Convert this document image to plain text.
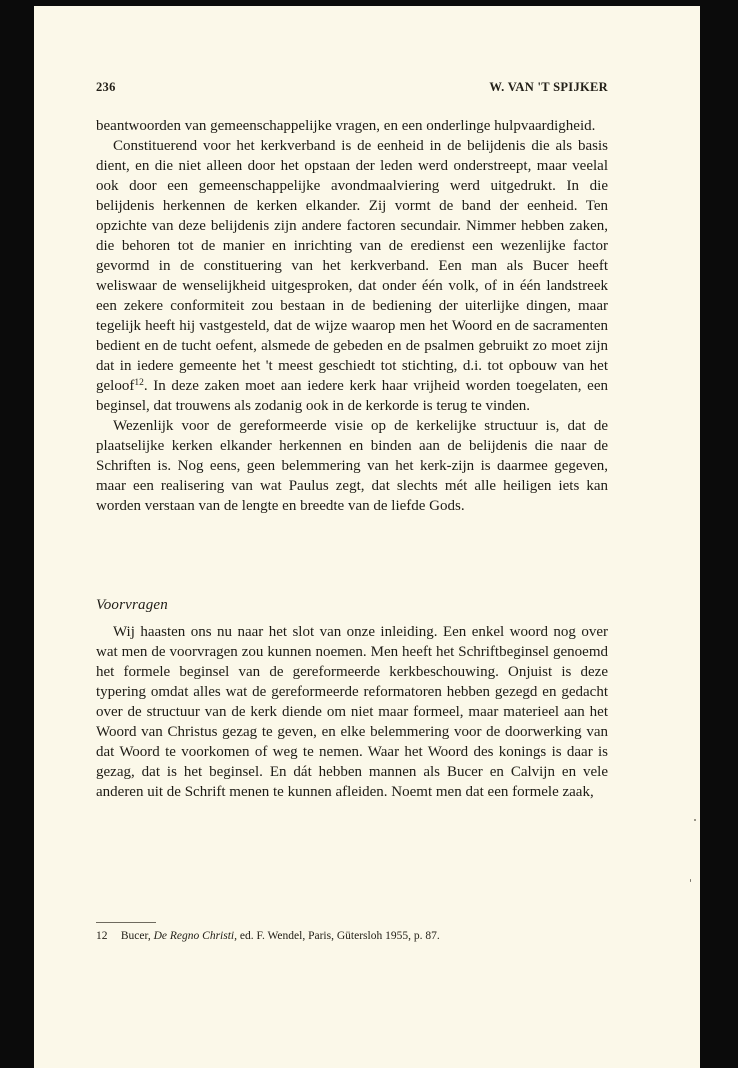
236	W. VAN 'T SPIJKER

beantwoorden van gemeenschappelijke vragen, en een onderlinge hulpvaardigheid.

Constituerend voor het kerkverband is de eenheid in de belijdenis die als basis dient, en die niet alleen door het opstaan der leden werd onderstreept, maar veelal ook door een gemeenschappelijke avondmaalviering werd uitgedrukt. In die belijdenis herkennen de kerken elkander. Zij vormt de band der eenheid. Ten opzichte van deze belijdenis zijn andere factoren secundair. Nimmer hebben zaken, die behoren tot de manier en inrichting van de eredienst een wezenlijke factor gevormd in de constituering van het kerkverband. Een man als Bucer heeft weliswaar de wenselijkheid uitgesproken, dat onder één volk, of in één landstreek een zekere conformiteit zou bestaan in de bediening der uiterlijke dingen, maar tegelijk heeft hij vastgesteld, dat de wijze waarop men het Woord en de sacramenten bedient en de tucht oefent, alsmede de gebeden en de psalmen gebruikt zo moet zijn dat in iedere gemeente het 't meest geschiedt tot stichting, d.i. tot opbouw van het geloof$^{12}$. In deze zaken moet aan iedere kerk haar vrijheid worden toegelaten, een beginsel, dat trouwens als zodanig ook in de kerkorde is terug te vinden.

Wezenlijk voor de gereformeerde visie op de kerkelijke structuur is, dat de plaatselijke kerken elkander herkennen en binden aan de belijdenis die naar de Schriften is. Nog eens, geen belemmering van het kerk-zijn is daarmee gegeven, maar een realisering van wat Paulus zegt, dat slechts mét alle heiligen iets kan worden verstaan van de lengte en breedte van de liefde Gods.

Voorvragen

Wij haasten ons nu naar het slot van onze inleiding. Een enkel woord nog over wat men de voorvragen zou kunnen noemen. Men heeft het Schriftbeginsel genoemd het formele beginsel van de gereformeerde kerkbeschouwing. Onjuist is deze typering omdat alles wat de gereformeerde reformatoren hebben gezegd en gedacht over de structuur van de kerk diende om niet maar formeel, maar materieel aan het Woord van Christus gezag te geven, en elke belemmering voor de doorwerking van dat Woord te voorkomen of weg te nemen. Waar het Woord des konings is daar is gezag, dat is het beginsel. En dát hebben mannen als Bucer en Calvijn en vele anderen uit de Schrift menen te kunnen afleiden. Noemt men dat een formele zaak,

12 Bucer, De Regno Christi, ed. F. Wendel, Paris, Gütersloh 1955, p. 87.
